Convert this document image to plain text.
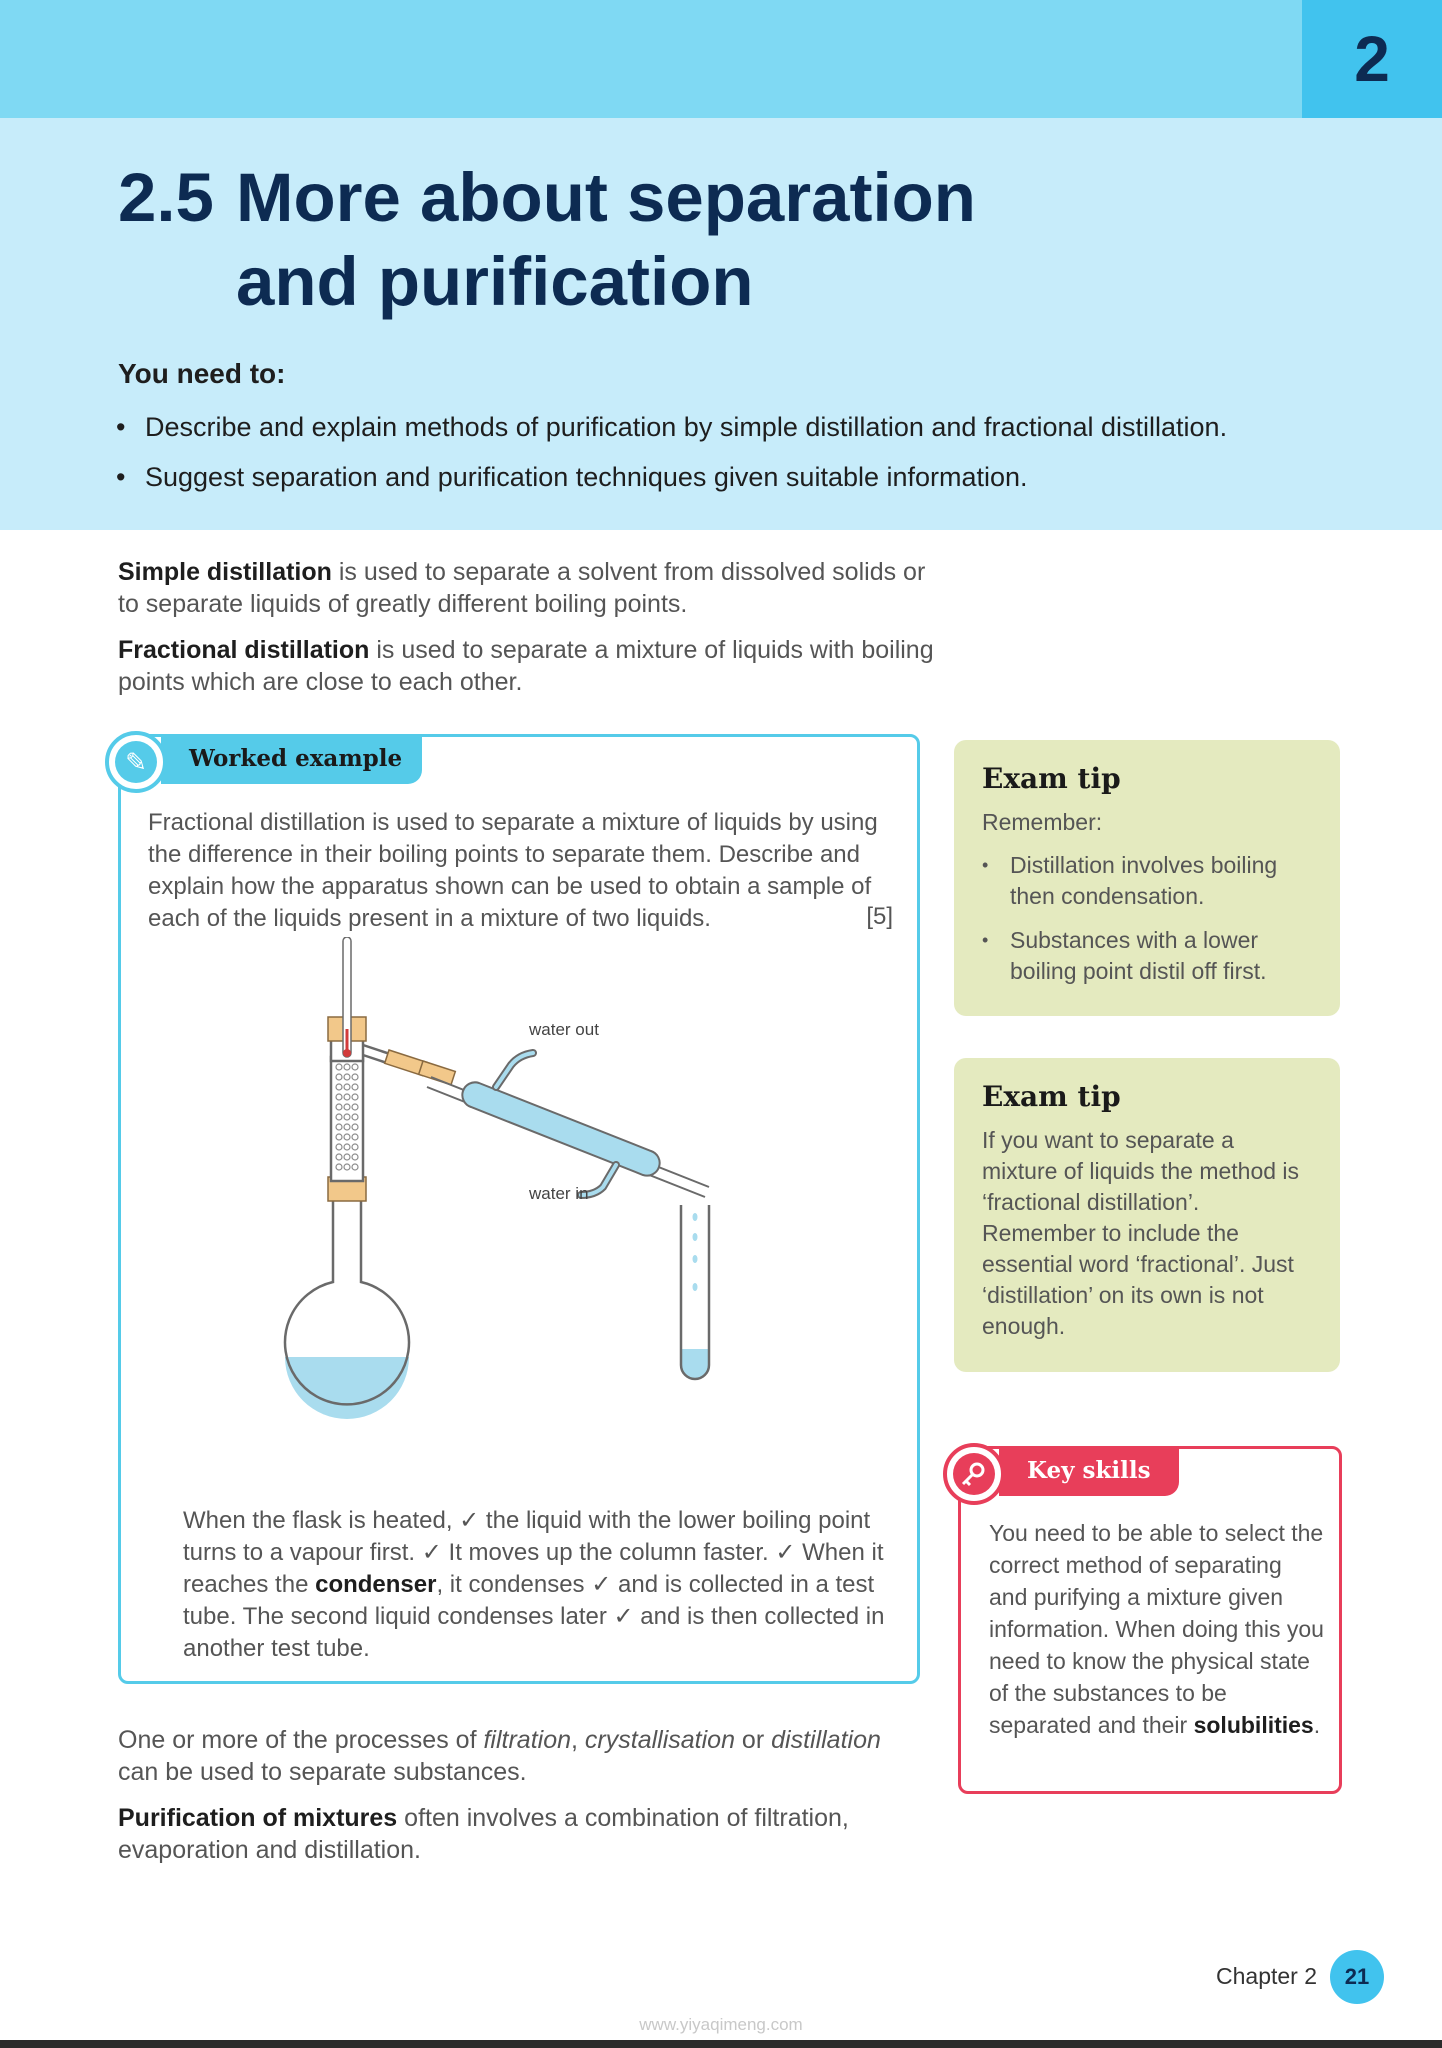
2
2.5 More about separation
and purification
You need to:
• Describe and explain methods of purification by simple distillation and fractional distillation.
• Suggest separation and purification techniques given suitable information.

Simple distillation is used to separate a solvent from dissolved solids or to separate liquids of greatly different boiling points.

Fractional distillation is used to separate a mixture of liquids with boiling points which are close to each other.

Worked example
✎

Fractional distillation is used to separate a mixture of liquids by using the difference in their boiling points to separate them. Describe and explain how the apparatus shown can be used to obtain a sample of each of the liquids present in a mixture of two liquids.	[5]
water out
water in

When the flask is heated, ✓ the liquid with the lower boiling point turns to a vapour first. ✓ It moves up the column faster. ✓ When it reaches the condenser, it condenses ✓ and is collected in a test tube. The second liquid condenses later ✓ and is then collected in another test tube.

One or more of the processes of filtration, crystallisation or distillation can be used to separate substances.

Purification of mixtures often involves a combination of filtration, evaporation and distillation.

Exam tip

Remember:

• Distillation involves boiling then condensation.
• Substances with a lower boiling point distil off first.
Exam tip

If you want to separate a mixture of liquids the method is ‘fractional distillation’. Remember to include the essential word ‘fractional’. Just ‘distillation’ on its own is not enough.

Key skills

You need to be able to select the correct method of separating and purifying a mixture given information. When doing this you need to know the physical state of the substances to be separated and their solubilities.

Chapter 2	21
www.yiyaqimeng.com
